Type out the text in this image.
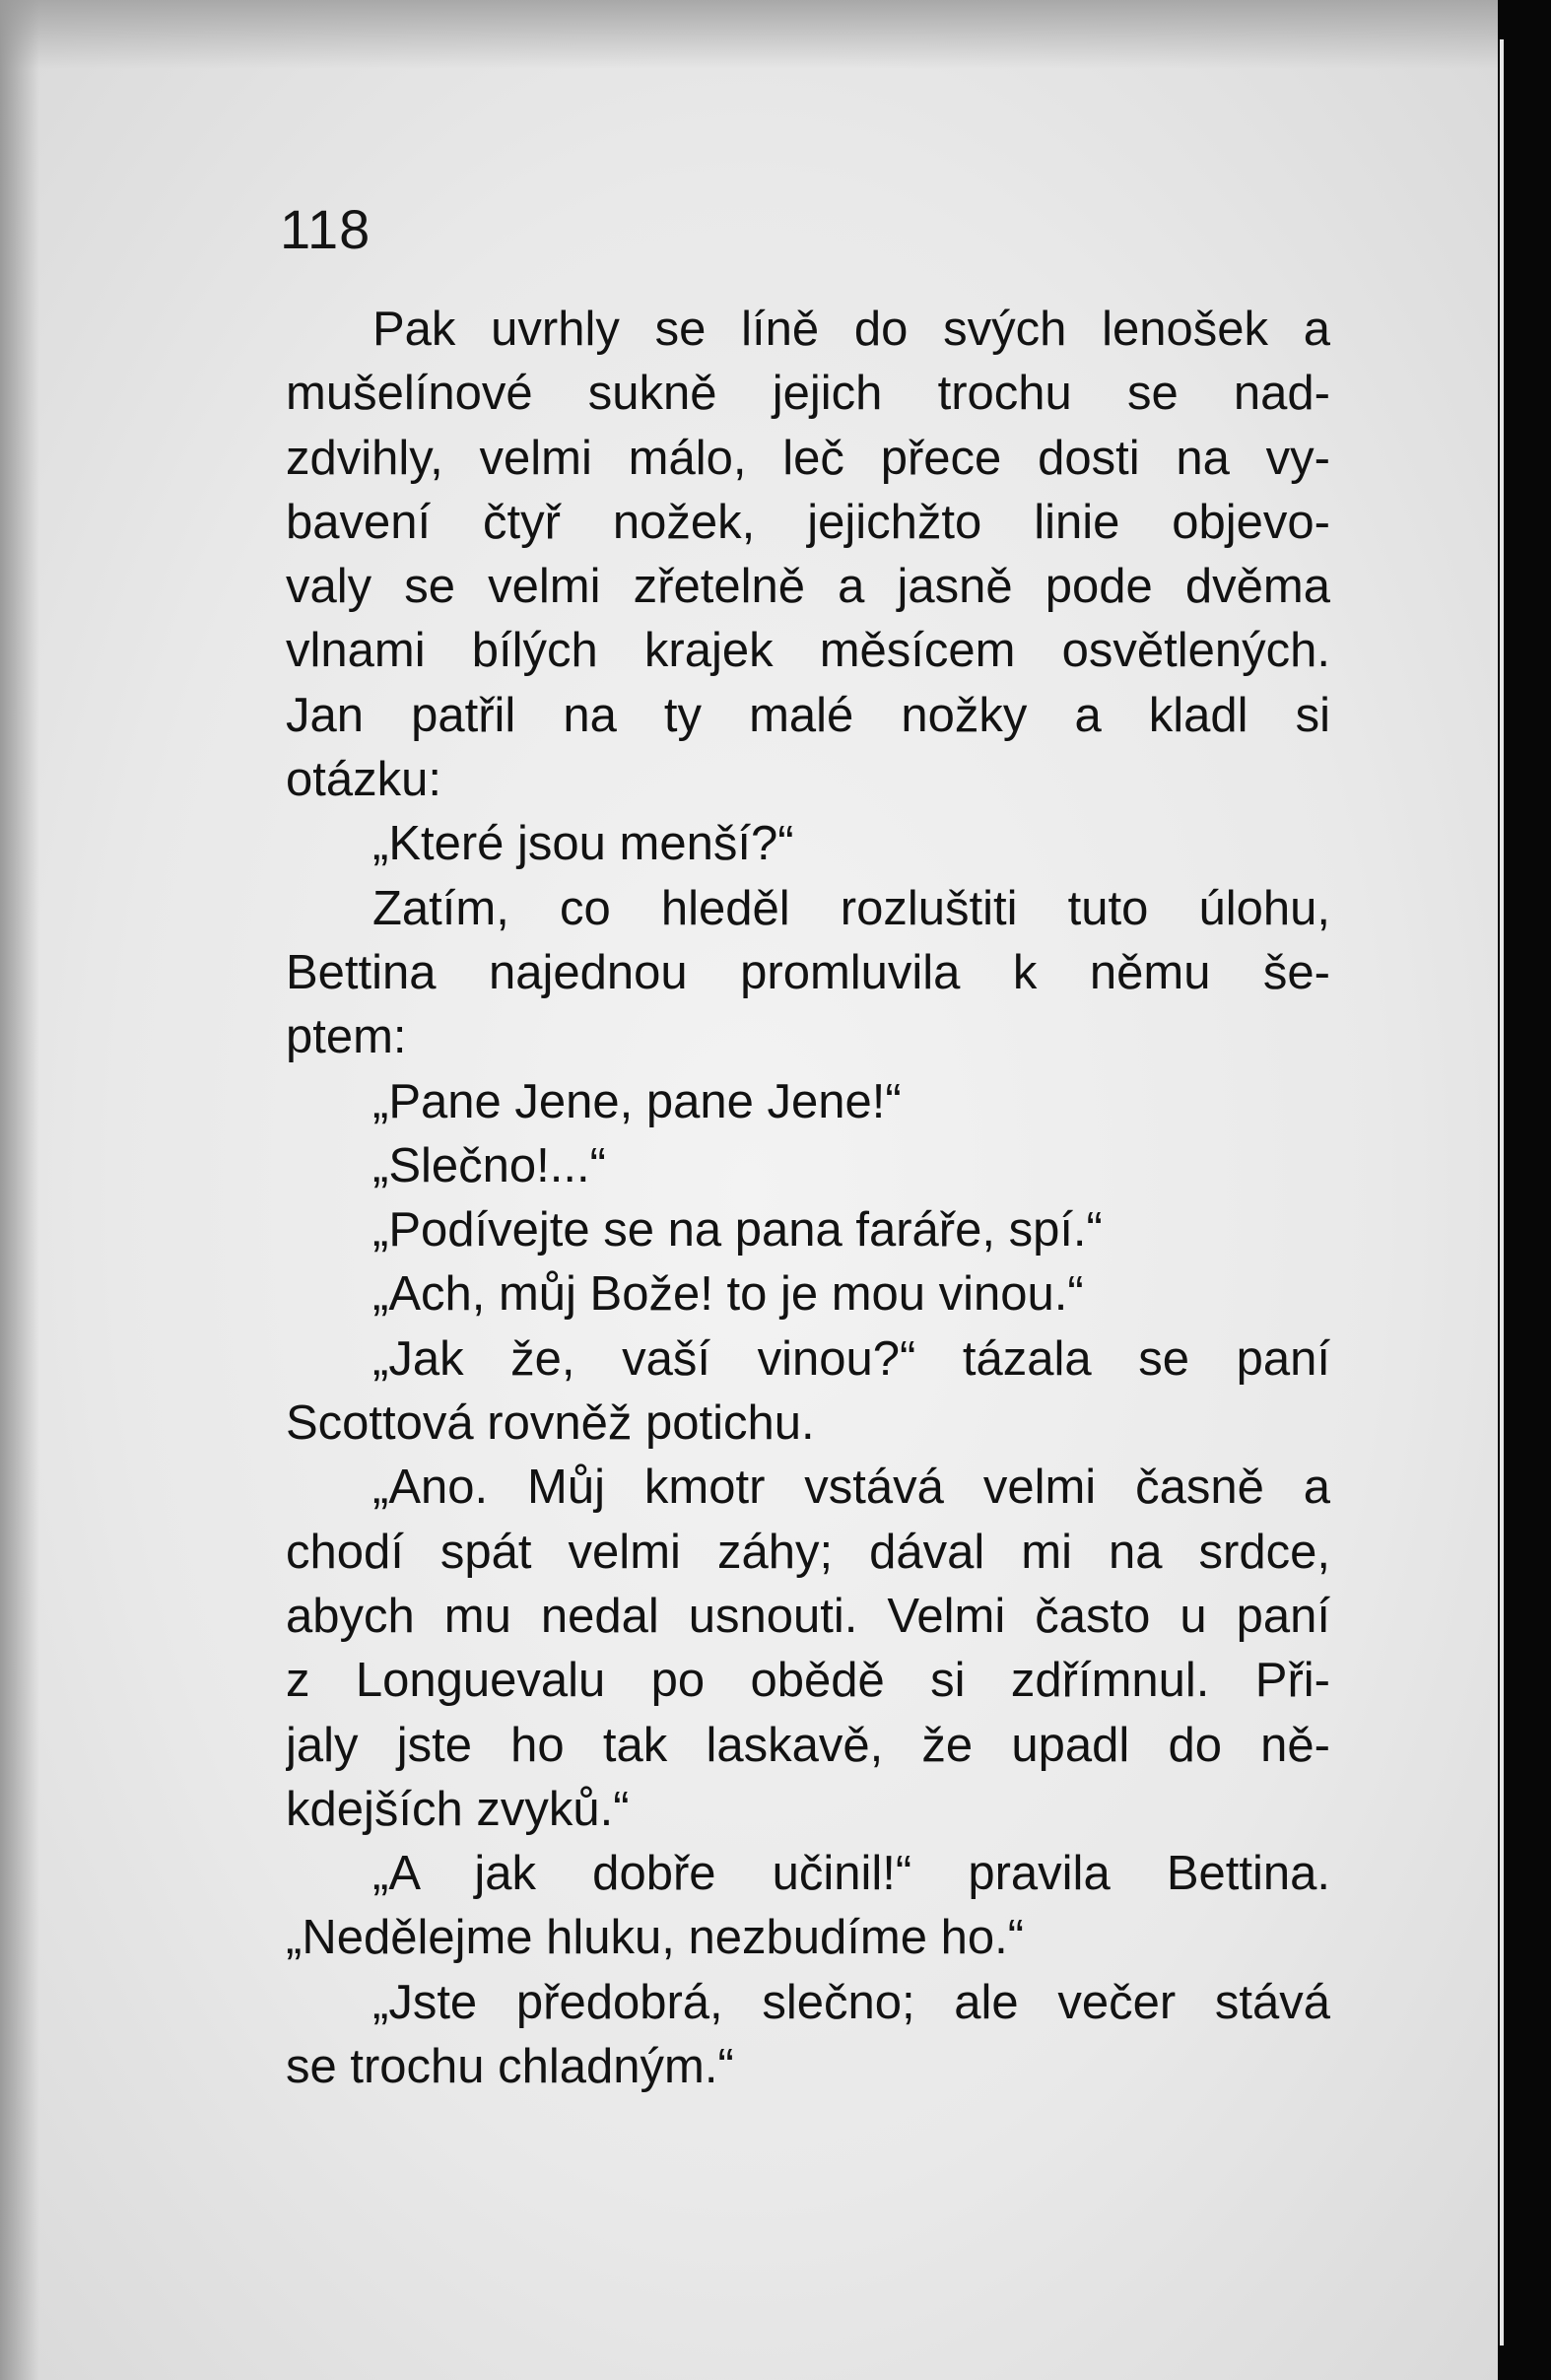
118
Pak uvrhly se líně do svých lenošek a
mušelínové sukně jejich trochu se nad-
zdvihly, velmi málo, leč přece dosti na vy-
bavení čtyř nožek, jejichžto linie objevo-
valy se velmi zřetelně a jasně pode dvěma
vlnami bílých krajek měsícem osvětlených.
Jan patřil na ty malé nožky a kladl si
otázku:
„Které jsou menší?“
Zatím, co hleděl rozluštiti tuto úlohu,
Bettina najednou promluvila k němu še-
ptem:
„Pane Jene, pane Jene!“
„Slečno!...“
„Podívejte se na pana faráře, spí.“
„Ach, můj Bože! to je mou vinou.“
„Jak že, vaší vinou?“ tázala se paní
Scottová rovněž potichu.
„Ano. Můj kmotr vstává velmi časně a
chodí spát velmi záhy; dával mi na srdce,
abych mu nedal usnouti. Velmi často u paní
z Longuevalu po obědě si zdřímnul. Při-
jaly jste ho tak laskavě, že upadl do ně-
kdejších zvyků.“
„A jak dobře učinil!“ pravila Bettina.
„Nedělejme hluku, nezbudíme ho.“
„Jste předobrá, slečno; ale večer stává
se trochu chladným.“
